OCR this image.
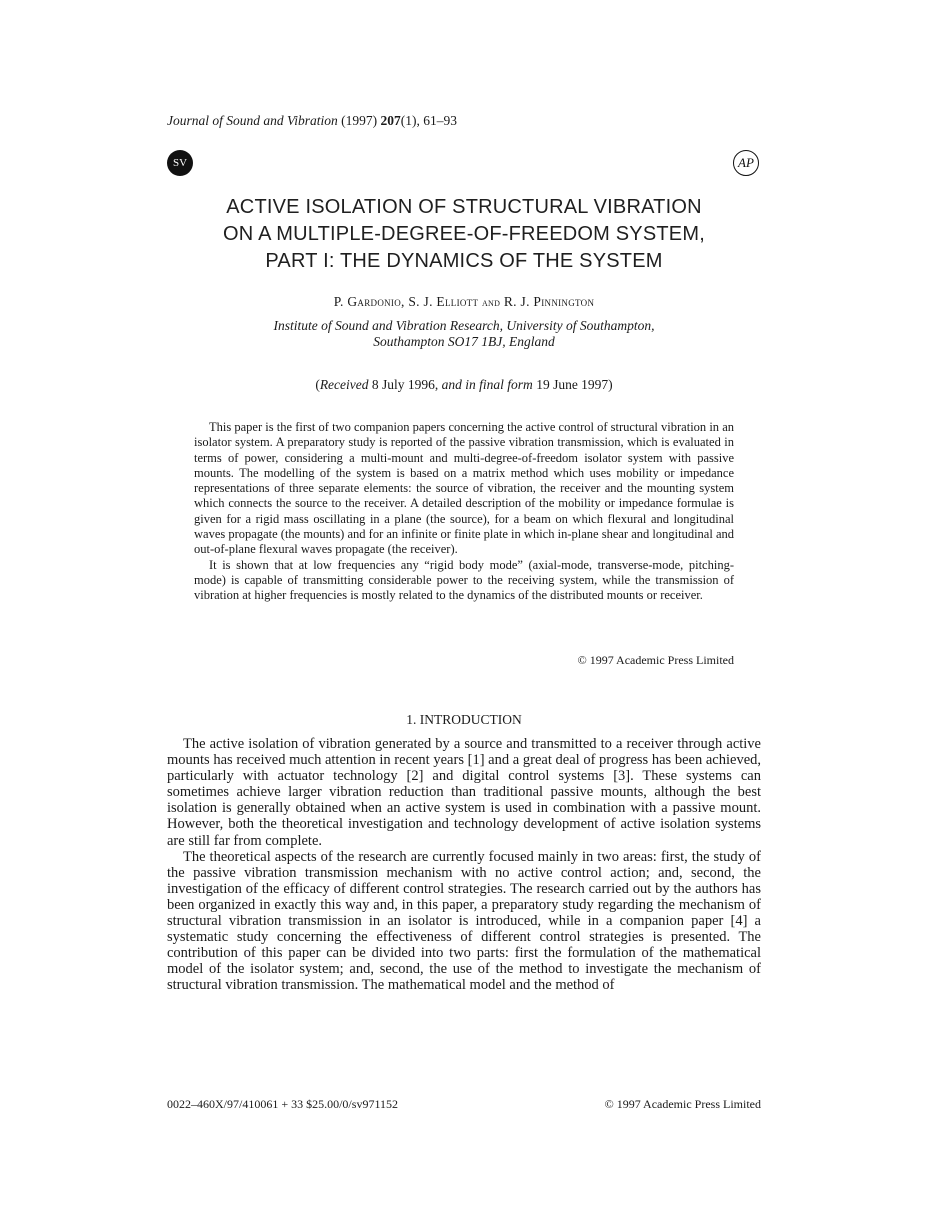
Journal of Sound and Vibration (1997) 207(1), 61–93
SV	AP
ACTIVE ISOLATION OF STRUCTURAL VIBRATION
ON A MULTIPLE-DEGREE-OF-FREEDOM SYSTEM,
PART I: THE DYNAMICS OF THE SYSTEM
P. Gardonio, S. J. Elliott and R. J. Pinnington
Institute of Sound and Vibration Research, University of Southampton,
Southampton SO17 1BJ, England
(Received 8 July 1996, and in final form 19 June 1997)

This paper is the first of two companion papers concerning the active control of structural vibration in an isolator system. A preparatory study is reported of the passive vibration transmission, which is evaluated in terms of power, considering a multi-mount and multi-degree-of-freedom isolator system with passive mounts. The modelling of the system is based on a matrix method which uses mobility or impedance representations of three separate elements: the source of vibration, the receiver and the mounting system which connects the source to the receiver. A detailed description of the mobility or impedance formulae is given for a rigid mass oscillating in a plane (the source), for a beam on which flexural and longitudinal waves propagate (the mounts) and for an infinite or finite plate in which in-plane shear and longitudinal and out-of-plane flexural waves propagate (the receiver).

It is shown that at low frequencies any “rigid body mode” (axial-mode, transverse-mode, pitching-mode) is capable of transmitting considerable power to the receiving system, while the transmission of vibration at higher frequencies is mostly related to the dynamics of the distributed mounts or receiver.

© 1997 Academic Press Limited
1. INTRODUCTION

The active isolation of vibration generated by a source and transmitted to a receiver through active mounts has received much attention in recent years [1] and a great deal of progress has been achieved, particularly with actuator technology [2] and digital control systems [3]. These systems can sometimes achieve larger vibration reduction than traditional passive mounts, although the best isolation is generally obtained when an active system is used in combination with a passive mount. However, both the theoretical investigation and technology development of active isolation systems are still far from complete.

The theoretical aspects of the research are currently focused mainly in two areas: first, the study of the passive vibration transmission mechanism with no active control action; and, second, the investigation of the efficacy of different control strategies. The research carried out by the authors has been organized in exactly this way and, in this paper, a preparatory study regarding the mechanism of structural vibration transmission in an isolator is introduced, while in a companion paper [4] a systematic study concerning the effectiveness of different control strategies is presented. The contribution of this paper can be divided into two parts: first the formulation of the mathematical model of the isolator system; and, second, the use of the method to investigate the mechanism of structural vibration transmission. The mathematical model and the method of

0022–460X/97/410061 + 33 $25.00/0/sv971152	© 1997 Academic Press Limited
